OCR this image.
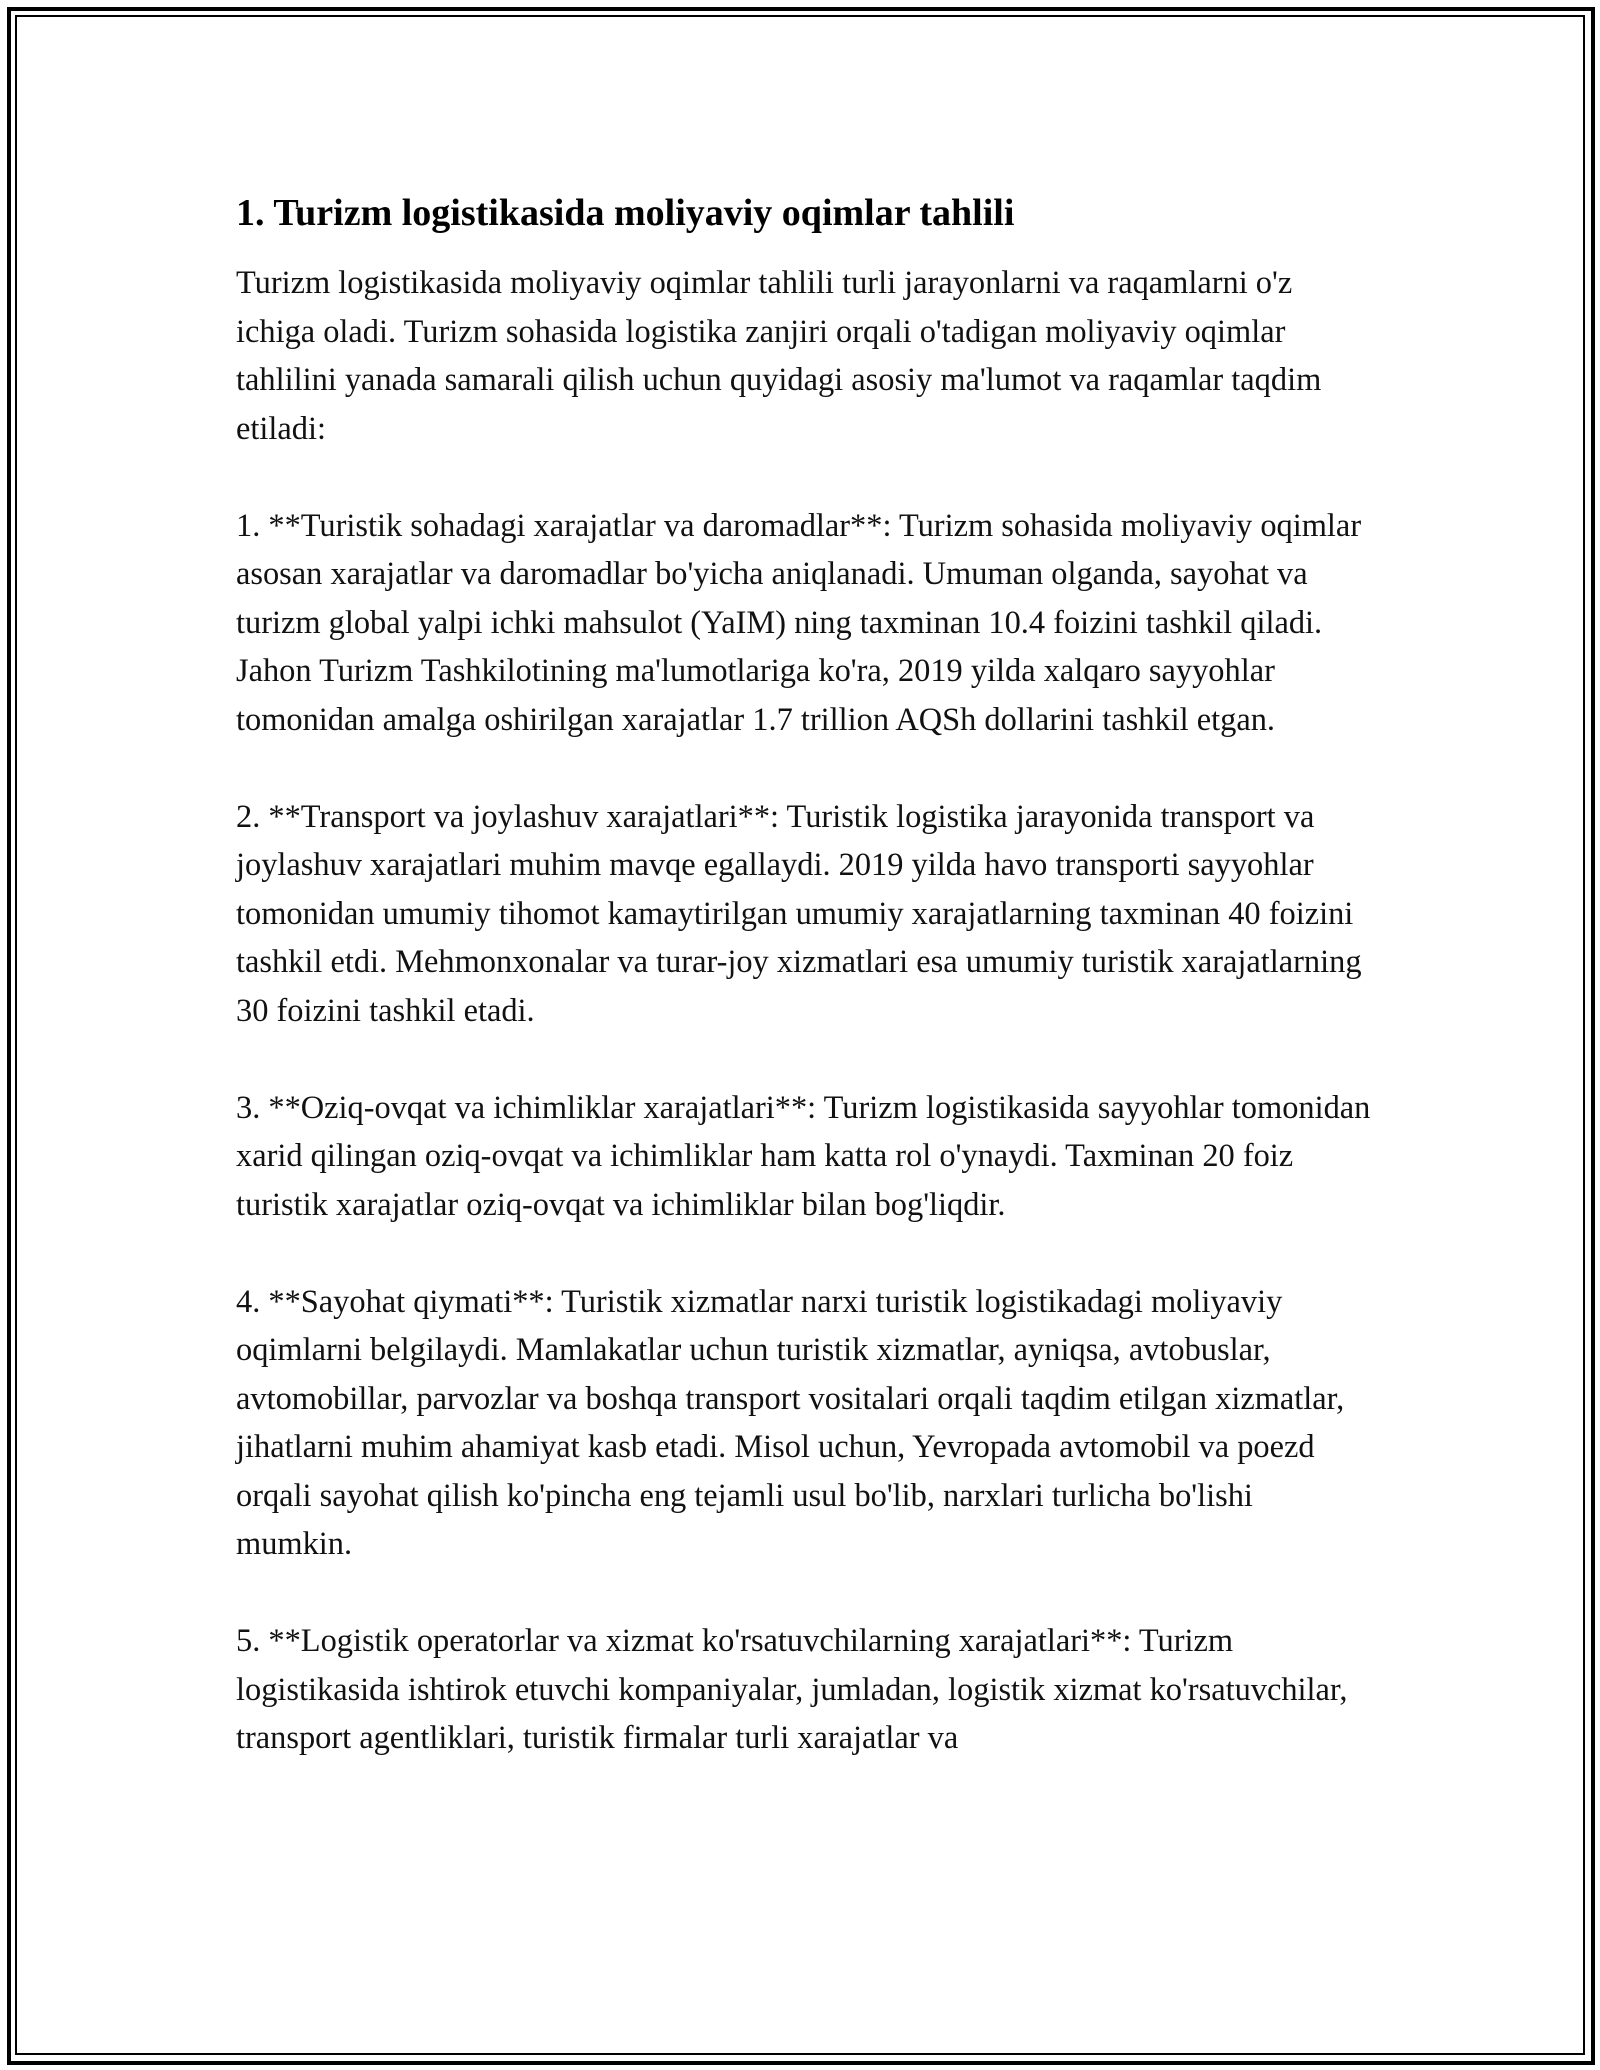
1. Turizm logistikasida moliyaviy oqimlar tahlili

Turizm logistikasida moliyaviy oqimlar tahlili turli jarayonlarni va raqamlarni o'z ichiga oladi. Turizm sohasida logistika zanjiri orqali o'tadigan moliyaviy oqimlar tahlilini yanada samarali qilish uchun quyidagi asosiy ma'lumot va raqamlar taqdim etiladi:

1. **Turistik sohadagi xarajatlar va daromadlar**: Turizm sohasida moliyaviy oqimlar asosan xarajatlar va daromadlar bo'yicha aniqlanadi. Umuman olganda, sayohat va turizm global yalpi ichki mahsulot (YaIM) ning taxminan 10.4 foizini tashkil qiladi. Jahon Turizm Tashkilotining ma'lumotlariga ko'ra, 2019 yilda xalqaro sayyohlar tomonidan amalga oshirilgan xarajatlar 1.7 trillion AQSh dollarini tashkil etgan.

2. **Transport va joylashuv xarajatlari**: Turistik logistika jarayonida transport va joylashuv xarajatlari muhim mavqe egallaydi. 2019 yilda havo transporti sayyohlar tomonidan umumiy tihomot kamaytirilgan umumiy xarajatlarning taxminan 40 foizini tashkil etdi. Mehmonxonalar va turar-joy xizmatlari esa umumiy turistik xarajatlarning 30 foizini tashkil etadi.

3. **Oziq-ovqat va ichimliklar xarajatlari**: Turizm logistikasida sayyohlar tomonidan xarid qilingan oziq-ovqat va ichimliklar ham katta rol o'ynaydi. Taxminan 20 foiz turistik xarajatlar oziq-ovqat va ichimliklar bilan bog'liqdir.

4. **Sayohat qiymati**: Turistik xizmatlar narxi turistik logistikadagi moliyaviy oqimlarni belgilaydi. Mamlakatlar uchun turistik xizmatlar, ayniqsa, avtobuslar, avtomobillar, parvozlar va boshqa transport vositalari orqali taqdim etilgan xizmatlar, jihatlarni muhim ahamiyat kasb etadi. Misol uchun, Yevropada avtomobil va poezd orqali sayohat qilish ko'pincha eng tejamli usul bo'lib, narxlari turlicha bo'lishi mumkin.

5. **Logistik operatorlar va xizmat ko'rsatuvchilarning xarajatlari**: Turizm logistikasida ishtirok etuvchi kompaniyalar, jumladan, logistik xizmat ko'rsatuvchilar, transport agentliklari, turistik firmalar turli xarajatlar va
